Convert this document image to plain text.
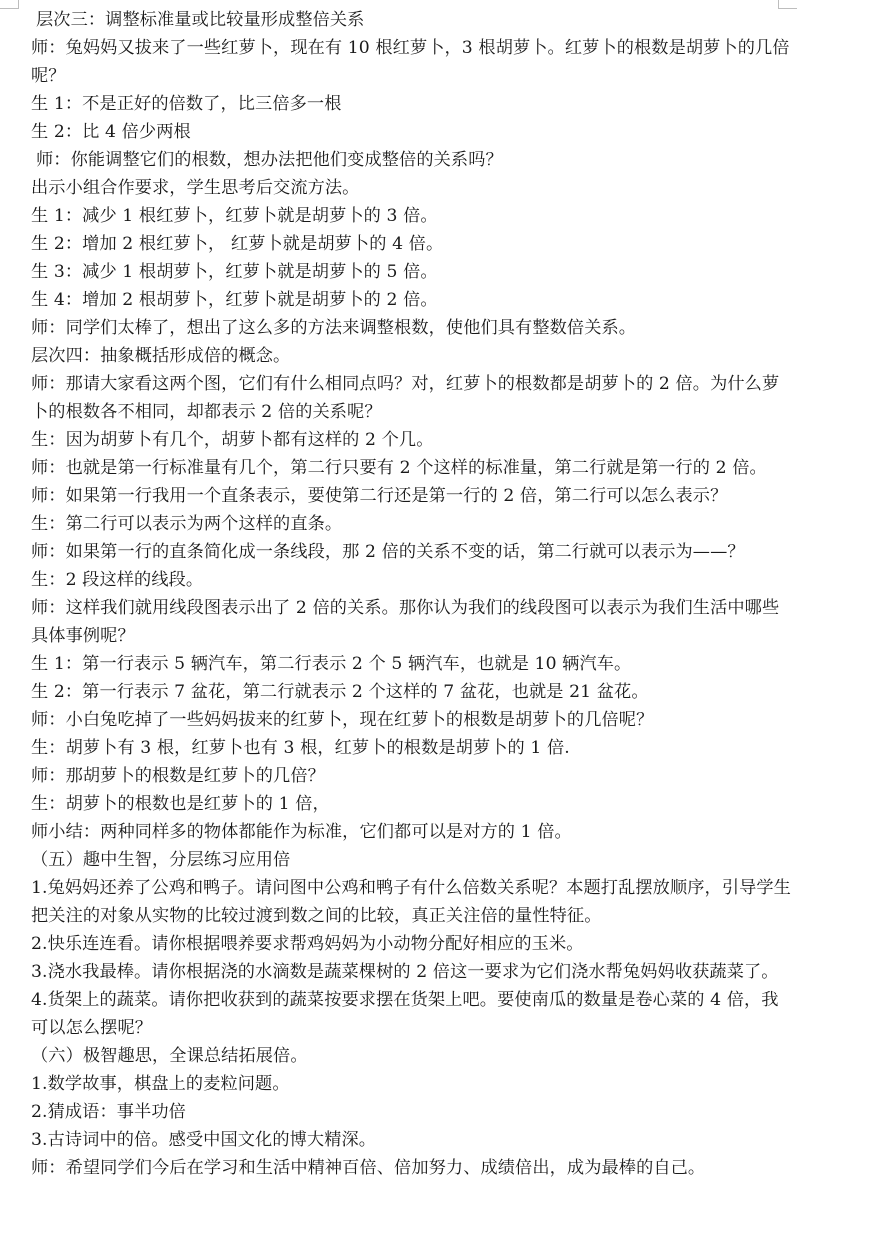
层次三：调整标准量或比较量形成整倍关系

师：兔妈妈又拔来了一些红萝卜，现在有 10 根红萝卜，3 根胡萝卜。红萝卜的根数是胡萝卜的几倍呢？

生 1：不是正好的倍数了，比三倍多一根

生 2：比 4 倍少两根

师：你能调整它们的根数，想办法把他们变成整倍的关系吗？

出示小组合作要求，学生思考后交流方法。

生 1：减少 1 根红萝卜，红萝卜就是胡萝卜的 3 倍。

生 2：增加 2 根红萝卜， 红萝卜就是胡萝卜的 4 倍。

生 3：减少 1 根胡萝卜，红萝卜就是胡萝卜的 5 倍。

生 4：增加 2 根胡萝卜，红萝卜就是胡萝卜的 2 倍。

师：同学们太棒了，想出了这么多的方法来调整根数，使他们具有整数倍关系。

层次四：抽象概括形成倍的概念。

师：那请大家看这两个图，它们有什么相同点吗？对，红萝卜的根数都是胡萝卜的 2 倍。为什么萝卜的根数各不相同，却都表示 2 倍的关系呢？

生：因为胡萝卜有几个，胡萝卜都有这样的 2 个几。

师：也就是第一行标准量有几个，第二行只要有 2 个这样的标准量，第二行就是第一行的 2 倍。

师：如果第一行我用一个直条表示，要使第二行还是第一行的 2 倍，第二行可以怎么表示？

生：第二行可以表示为两个这样的直条。

师：如果第一行的直条简化成一条线段，那 2 倍的关系不变的话，第二行就可以表示为——？

生：2 段这样的线段。

师：这样我们就用线段图表示出了 2 倍的关系。那你认为我们的线段图可以表示为我们生活中哪些具体事例呢？

生 1：第一行表示 5 辆汽车，第二行表示 2 个 5 辆汽车，也就是 10 辆汽车。

生 2：第一行表示 7 盆花，第二行就表示 2 个这样的 7 盆花，也就是 21 盆花。

师：小白兔吃掉了一些妈妈拔来的红萝卜，现在红萝卜的根数是胡萝卜的几倍呢？

生：胡萝卜有 3 根，红萝卜也有 3 根，红萝卜的根数是胡萝卜的 1 倍.

师：那胡萝卜的根数是红萝卜的几倍？

生：胡萝卜的根数也是红萝卜的 1 倍，

师小结：两种同样多的物体都能作为标准，它们都可以是对方的 1 倍。

（五）趣中生智，分层练习应用倍

1.兔妈妈还养了公鸡和鸭子。请问图中公鸡和鸭子有什么倍数关系呢？本题打乱摆放顺序，引导学生把关注的对象从实物的比较过渡到数之间的比较，真正关注倍的量性特征。

2.快乐连连看。请你根据喂养要求帮鸡妈妈为小动物分配好相应的玉米。

3.浇水我最棒。请你根据浇的水滴数是蔬菜棵树的 2 倍这一要求为它们浇水帮兔妈妈收获蔬菜了。

4.货架上的蔬菜。请你把收获到的蔬菜按要求摆在货架上吧。要使南瓜的数量是卷心菜的 4 倍，我可以怎么摆呢？

（六）极智趣思，全课总结拓展倍。

1.数学故事，棋盘上的麦粒问题。

2.猜成语：事半功倍

3.古诗词中的倍。感受中国文化的博大精深。

师：希望同学们今后在学习和生活中精神百倍、倍加努力、成绩倍出，成为最棒的自己。
